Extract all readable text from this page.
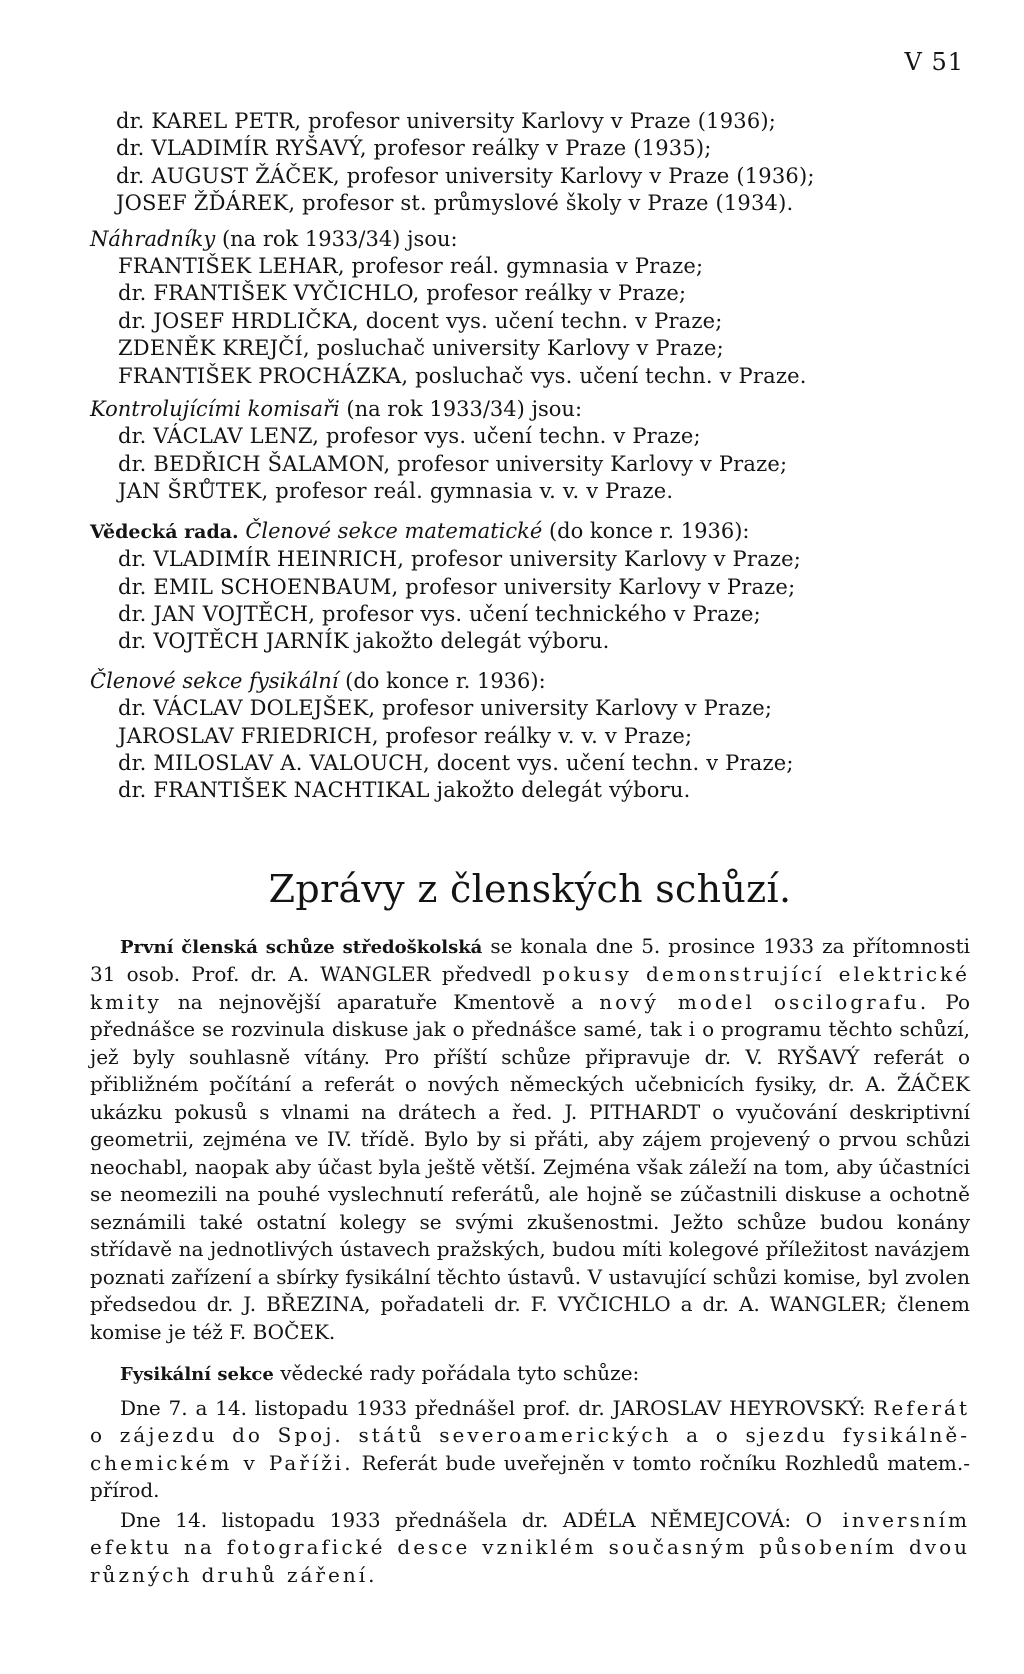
V 51
dr. KAREL PETR, profesor university Karlovy v Praze (1936);
dr. VLADIMÍR RYŠAVÝ, profesor reálky v Praze (1935);
dr. AUGUST ŽÁČEK, profesor university Karlovy v Praze (1936);
JOSEF ŽĎÁREK, profesor st. průmyslové školy v Praze (1934).
Náhradníky (na rok 1933/34) jsou:
FRANTIŠEK LEHAR, profesor reál. gymnasia v Praze;
dr. FRANTIŠEK VYČICHLO, profesor reálky v Praze;
dr. JOSEF HRDLIČKA, docent vys. učení techn. v Praze;
ZDENĚK KREJČÍ, posluchač university Karlovy v Praze;
FRANTIŠEK PROCHÁZKA, posluchač vys. učení techn. v Praze.
Kontrolujícími komisaři (na rok 1933/34) jsou:
dr. VÁCLAV LENZ, profesor vys. učení techn. v Praze;
dr. BEDŘICH ŠALAMON, profesor university Karlovy v Praze;
JAN ŠRŮTEK, profesor reál. gymnasia v. v. v Praze.
Vědecká rada. Členové sekce matematické (do konce r. 1936):
dr. VLADIMÍR HEINRICH, profesor university Karlovy v Praze;
dr. EMIL SCHOENBAUM, profesor university Karlovy v Praze;
dr. JAN VOJTĚCH, profesor vys. učení technického v Praze;
dr. VOJTĚCH JARNÍK jakožto delegát výboru.
Členové sekce fysikální (do konce r. 1936):
dr. VÁCLAV DOLEJŠEK, profesor university Karlovy v Praze;
JAROSLAV FRIEDRICH, profesor reálky v. v. v Praze;
dr. MILOSLAV A. VALOUCH, docent vys. učení techn. v Praze;
dr. FRANTIŠEK NACHTIKAL jakožto delegát výboru.
Zprávy z členských schůzí.

První členská schůze středoškolská se konala dne 5. prosince 1933 za přítomnosti 31 osob. Prof. dr. A. WANGLER předvedl pokusy demonstrující elektrické kmity na nejnovější aparatuře Kmentově a nový model oscilografu. Po přednášce se rozvinula diskuse jak o přednášce samé, tak i o programu těchto schůzí, jež byly souhlasně vítány. Pro příští schůze připravuje dr. V. RYŠAVÝ referát o přibližném počítání a referát o nových německých učebnicích fysiky, dr. A. ŽÁČEK ukázku pokusů s vlnami na drátech a řed. J. PITHARDT o vyučování deskriptivní geometrii, zejména ve IV. třídě. Bylo by si přáti, aby zájem projevený o prvou schůzi neochabl, naopak aby účast byla ještě větší. Zejména však záleží na tom, aby účastníci se neomezili na pouhé vyslechnutí referátů, ale hojně se zúčastnili diskuse a ochotně seznámili také ostatní kolegy se svými zkušenostmi. Ježto schůze budou konány střídavě na jednotlivých ústavech pražských, budou míti kolegové příležitost navázjem poznati zařízení a sbírky fysikální těchto ústavů. V ustavující schůzi komise, byl zvolen předsedou dr. J. BŘEZINA, pořadateli dr. F. VYČICHLO a dr. A. WANGLER; členem komise je též F. BOČEK.

Fysikální sekce vědecké rady pořádala tyto schůze:

Dne 7. a 14. listopadu 1933 přednášel prof. dr. JAROSLAV HEYROVSKÝ: Referát o zájezdu do Spoj. států severoamerických a o sjezdu fysikálně-chemickém v Paříži. Referát bude uveřejněn v tomto ročníku Rozhledů matem.-přírod.

Dne 14. listopadu 1933 přednášela dr. ADÉLA NĚMEJCOVÁ: O inversním efektu na fotografické desce vzniklém současným působením dvou různých druhů záření.
